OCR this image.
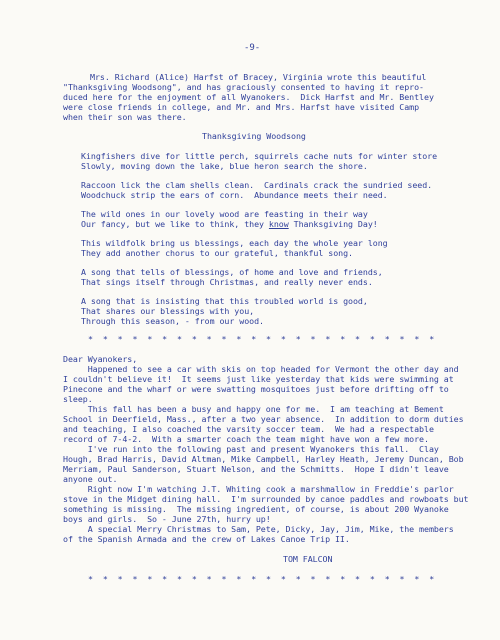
-9-
Mrs. Richard (Alice) Harfst of Bracey, Virginia wrote this beautiful
"Thanksgiving Woodsong", and has graciously consented to having it repro-
duced here for the enjoyment of all Wyanokers.  Dick Harfst and Mr. Bentley
were close friends in college, and Mr. and Mrs. Harfst have visited Camp
when their son was there.
Thanksgiving Woodsong
Kingfishers dive for little perch, squirrels cache nuts for winter store
Slowly, moving down the lake, blue heron search the shore.
Raccoon lick the clam shells clean.  Cardinals crack the sundried seed.
Woodchuck strip the ears of corn.  Abundance meets their need.
The wild ones in our lovely wood are feasting in their way
Our fancy, but we like to think, they know Thanksgiving Day!
This wildfolk bring us blessings, each day the whole year long
They add another chorus to our grateful, thankful song.
A song that tells of blessings, of home and love and friends,
That sings itself through Christmas, and really never ends.
A song that is insisting that this troubled world is good,
That shares our blessings with you,
Through this season, - from our wood.
*  *  *  *  *  *  *  *  *  *  *  *  *  *  *  *  *  *  *  *  *  *  *  *
Dear Wyanokers,
Happened to see a car with skis on top headed for Vermont the other day and
I couldn't believe it!  It seems just like yesterday that kids were swimming at
Pinecone and the wharf or were swatting mosquitoes just before drifting off to
sleep.
This fall has been a busy and happy one for me.  I am teaching at Bement
School in Deerfield, Mass., after a two year absence.  In addition to dorm duties
and teaching, I also coached the varsity soccer team.  We had a respectable
record of 7-4-2.  With a smarter coach the team might have won a few more.
I've run into the following past and present Wyanokers this fall.  Clay
Hough, Brad Harris, David Altman, Mike Campbell, Harley Heath, Jeremy Duncan, Bob
Merriam, Paul Sanderson, Stuart Nelson, and the Schmitts.  Hope I didn't leave
anyone out.
Right now I'm watching J.T. Whiting cook a marshmallow in Freddie's parlor
stove in the Midget dining hall.  I'm surrounded by canoe paddles and rowboats but
something is missing.  The missing ingredient, of course, is about 200 Wyanoke
boys and girls.  So - June 27th, hurry up!
A special Merry Christmas to Sam, Pete, Dicky, Jay, Jim, Mike, the members
of the Spanish Armada and the crew of Lakes Canoe Trip II.
TOM FALCON
*  *  *  *  *  *  *  *  *  *  *  *  *  *  *  *  *  *  *  *  *  *  *  *
